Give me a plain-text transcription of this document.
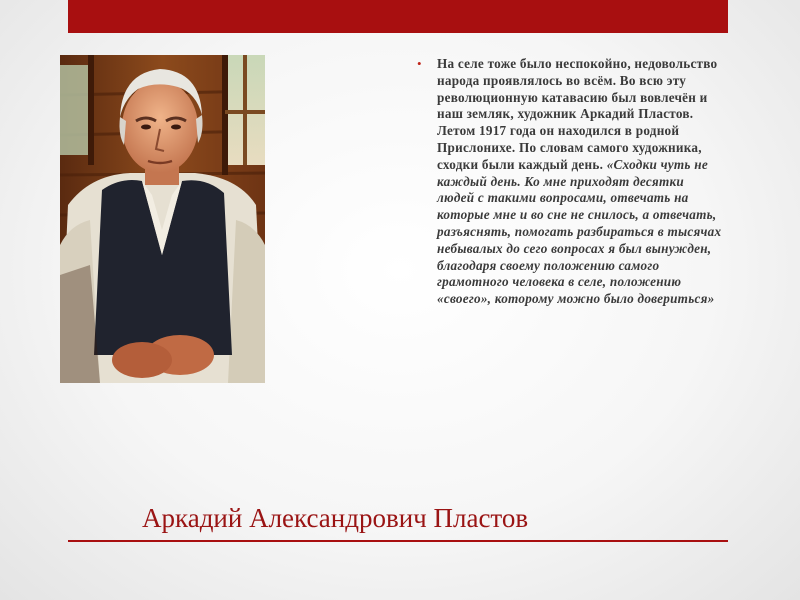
• На селе тоже было неспокойно, недовольство народа проявлялось во всём. Во всю эту революционную катавасию был вовлечён и наш земляк, художник Аркадий Пластов. Летом 1917 года он находился в родной Прислонихе. По словам самого художника, сходки были каждый день. «Сходки чуть не каждый день. Ко мне приходят десятки людей с такими вопросами, отвечать на которые мне и во сне не снилось, а отвечать, разъяснять, помогать разбираться в тысячах небывалых до сего вопросах я был вынужден, благодаря своему положению самого грамотного человека в селе, положению «своего», которому можно было довериться»

Аркадий Александрович Пластов
